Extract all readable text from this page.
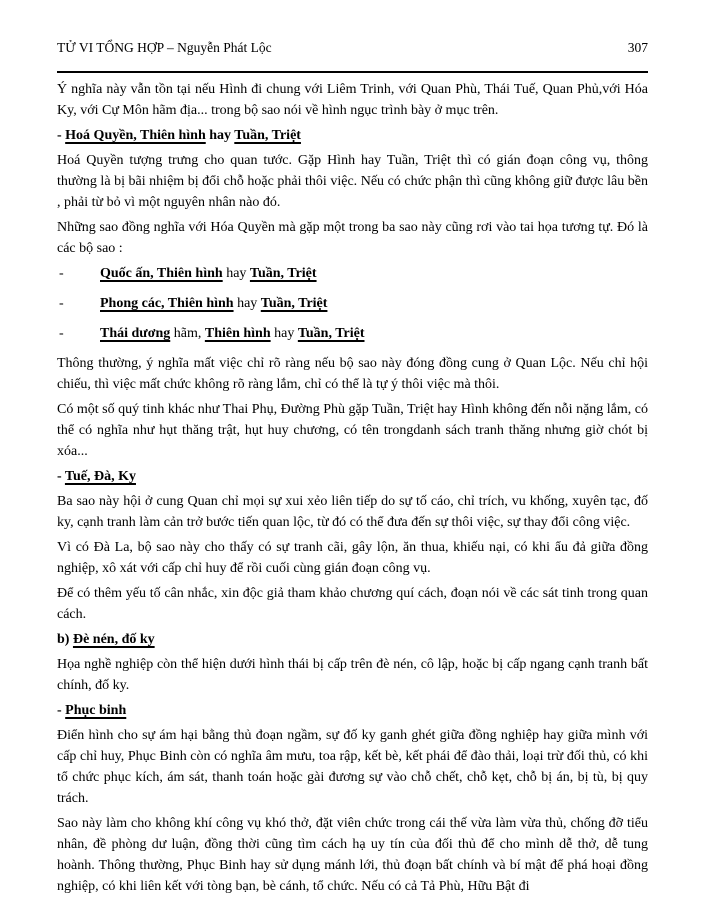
TỬ VI TỔNG HỢP – Nguyễn Phát Lộc	307
Ý nghĩa này vẫn tồn tại nếu Hình đi chung với Liêm Trinh, với Quan Phù, Thái Tuế, Quan Phủ,với Hóa Ky, với Cự Môn hãm địa... trong bộ sao nói về hình ngục trình bày ở mục trên.
- Hoá Quyền, Thiên hình hay Tuần, Triệt
Hoá Quyền tượng trưng cho quan tước. Gặp Hình hay Tuần, Triệt thì có gián đoạn công vụ, thông thường là bị bãi nhiệm bị đổi chỗ hoặc phải thôi việc. Nếu có chức phận thì cũng không giữ được lâu bền , phải từ bỏ vì một nguyên nhân nào đó.
Những sao đồng nghĩa với Hóa Quyền mà gặp một trong ba sao này cũng rơi vào tai họa tương tự. Đó là các bộ sao :
-	Quốc ấn, Thiên hình hay Tuần, Triệt
-	Phong các, Thiên hình hay Tuần, Triệt
-	Thái dương hãm, Thiên hình hay Tuần, Triệt
Thông thường, ý nghĩa mất việc chỉ rõ ràng nếu bộ sao này đóng đồng cung ở Quan Lộc. Nếu chỉ hội chiếu, thì việc mất chức không rõ ràng lắm, chỉ có thể là tự ý thôi việc mà thôi.
Có một số quý tinh khác như Thai Phụ, Đường Phù gặp Tuần, Triệt hay Hình không đến nỗi nặng lắm, có thể có nghĩa như hụt thăng trật, hụt huy chương, có tên trongdanh sách tranh thăng nhưng giờ chót bị xóa...
- Tuế, Đà, Ky
Ba sao này hội ở cung Quan chỉ mọi sự xui xẻo liên tiếp do sự tố cáo, chỉ trích, vu khống, xuyên tạc, đố ky, cạnh tranh làm cản trở bước tiến quan lộc, từ đó có thể đưa đến sự thôi việc, sự thay đổi công việc.
Vì có Đà La, bộ sao này cho thấy có sự tranh cãi, gây lộn, ăn thua, khiếu nại, có khi ẩu đả giữa đồng nghiệp, xô xát với cấp chỉ huy để rồi cuối cùng gián đoạn công vụ.
Để có thêm yếu tố cân nhắc, xin độc giả tham khảo chương quí cách, đoạn nói về các sát tinh trong quan cách.
b) Đè nén, đố ky
Họa nghề nghiệp còn thể hiện dưới hình thái bị cấp trên đè nén, cô lập, hoặc bị cấp ngang cạnh tranh bất chính, đố ky.
- Phục binh
Điển hình cho sự ám hại bằng thủ đoạn ngầm, sự đố ky ganh ghét giữa đồng nghiệp hay giữa mình với cấp chỉ huy, Phục Binh còn có nghĩa âm mưu, toa rập, kết bè, kết phái để đào thải, loại trừ đối thủ, có khi tổ chức phục kích, ám sát, thanh toán hoặc gài đương sự vào chỗ chết, chỗ kẹt, chỗ bị án, bị tù, bị quy trách.
Sao này làm cho không khí công vụ khó thở, đặt viên chức trong cái thế vừa làm vừa thủ, chống đỡ tiểu nhân, đề phòng dư luận, đồng thời cũng tìm cách hạ uy tín của đối thủ để cho mình dễ thở, dễ tung hoành. Thông thường, Phục Binh hay sử dụng mánh lới, thủ đoạn bất chính và bí mật để phá hoại đồng nghiệp, có khi liên kết với tòng bạn, bè cánh, tổ chức. Nếu có cả Tả Phù, Hữu Bật đi
